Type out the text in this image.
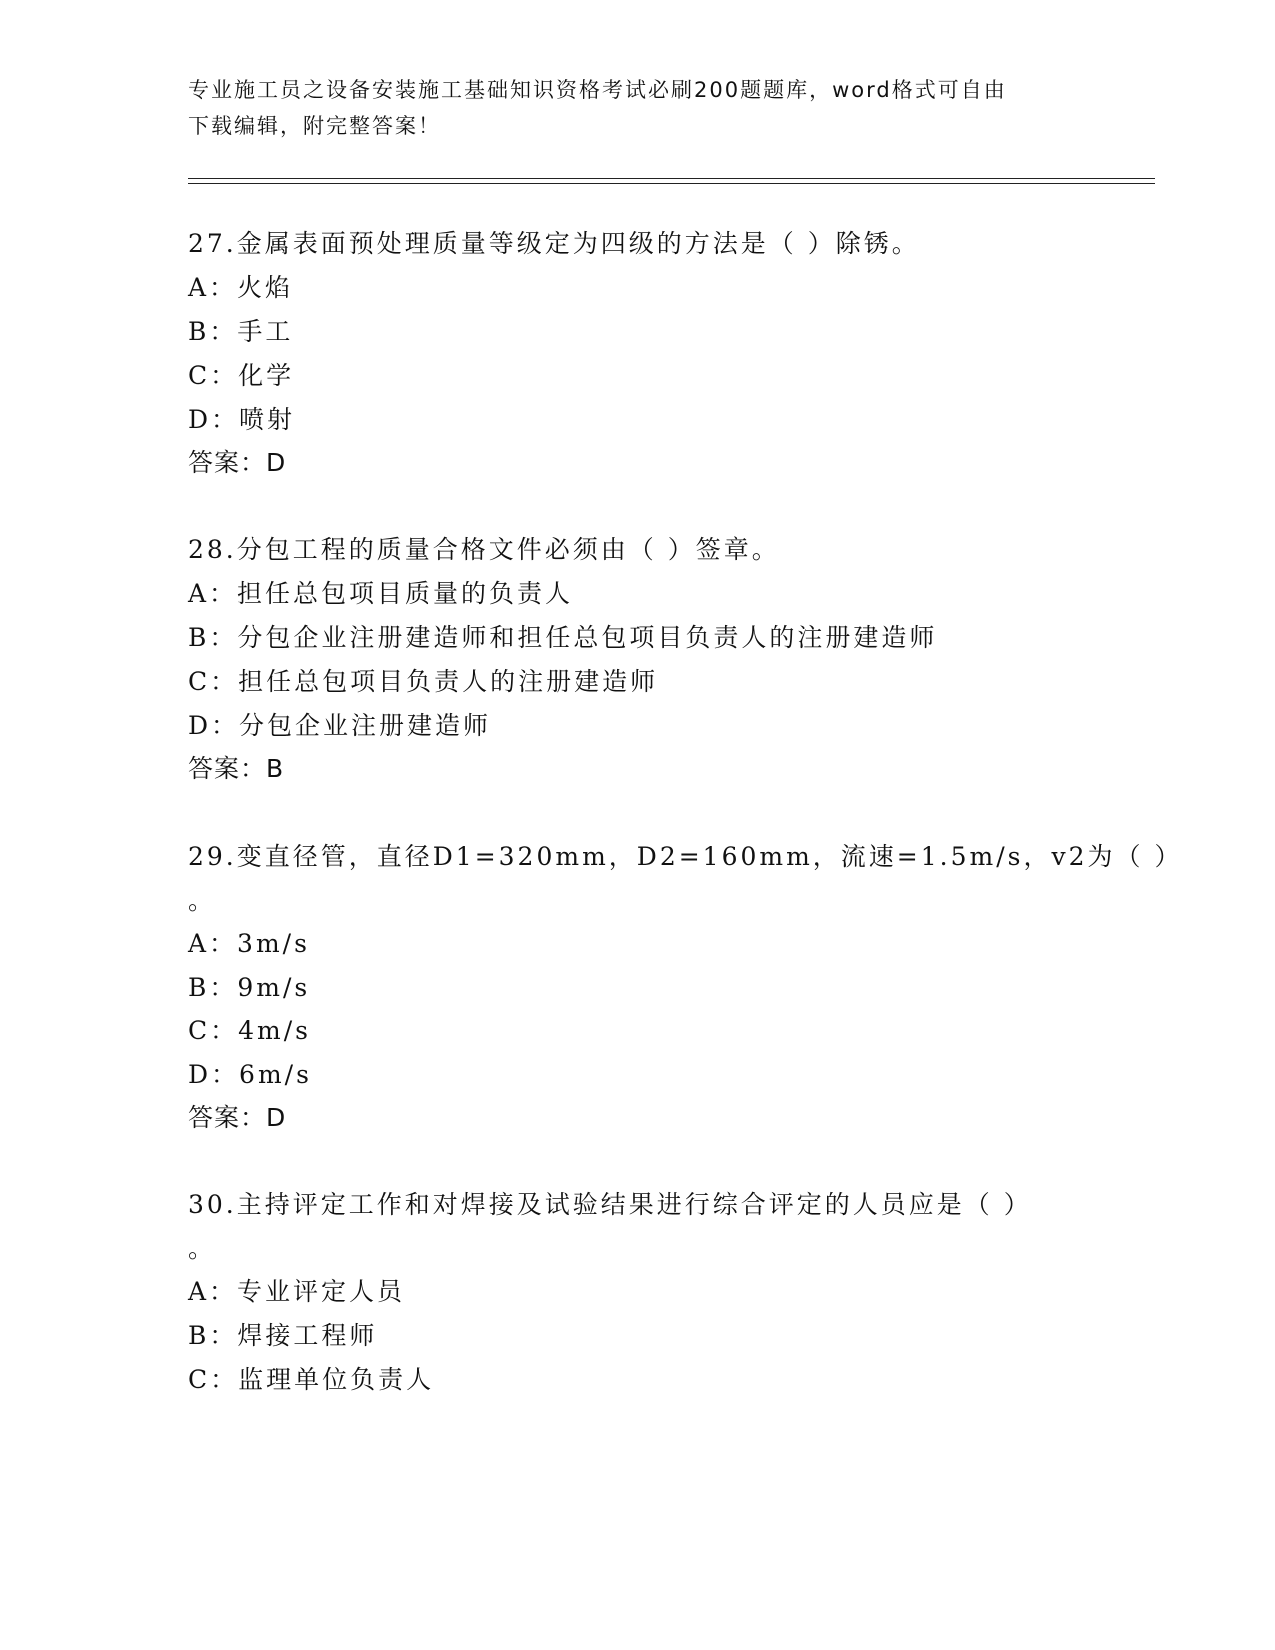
专业施工员之设备安装施工基础知识资格考试必刷200题题库，word格式可自由
下载编辑，附完整答案！
27.金属表面预处理质量等级定为四级的方法是（ ）除锈。
A：火焰
B：手工
C：化学
D：喷射
答案：D
28.分包工程的质量合格文件必须由（ ）签章。
A：担任总包项目质量的负责人
B：分包企业注册建造师和担任总包项目负责人的注册建造师
C：担任总包项目负责人的注册建造师
D：分包企业注册建造师
答案：B
29.变直径管，直径D1=320mm，D2=160mm，流速=1.5m/s，v2为（ ）
。
A：3m/s
B：9m/s
C：4m/s
D：6m/s
答案：D
30.主持评定工作和对焊接及试验结果进行综合评定的人员应是（ ）
。
A：专业评定人员
B：焊接工程师
C：监理单位负责人
